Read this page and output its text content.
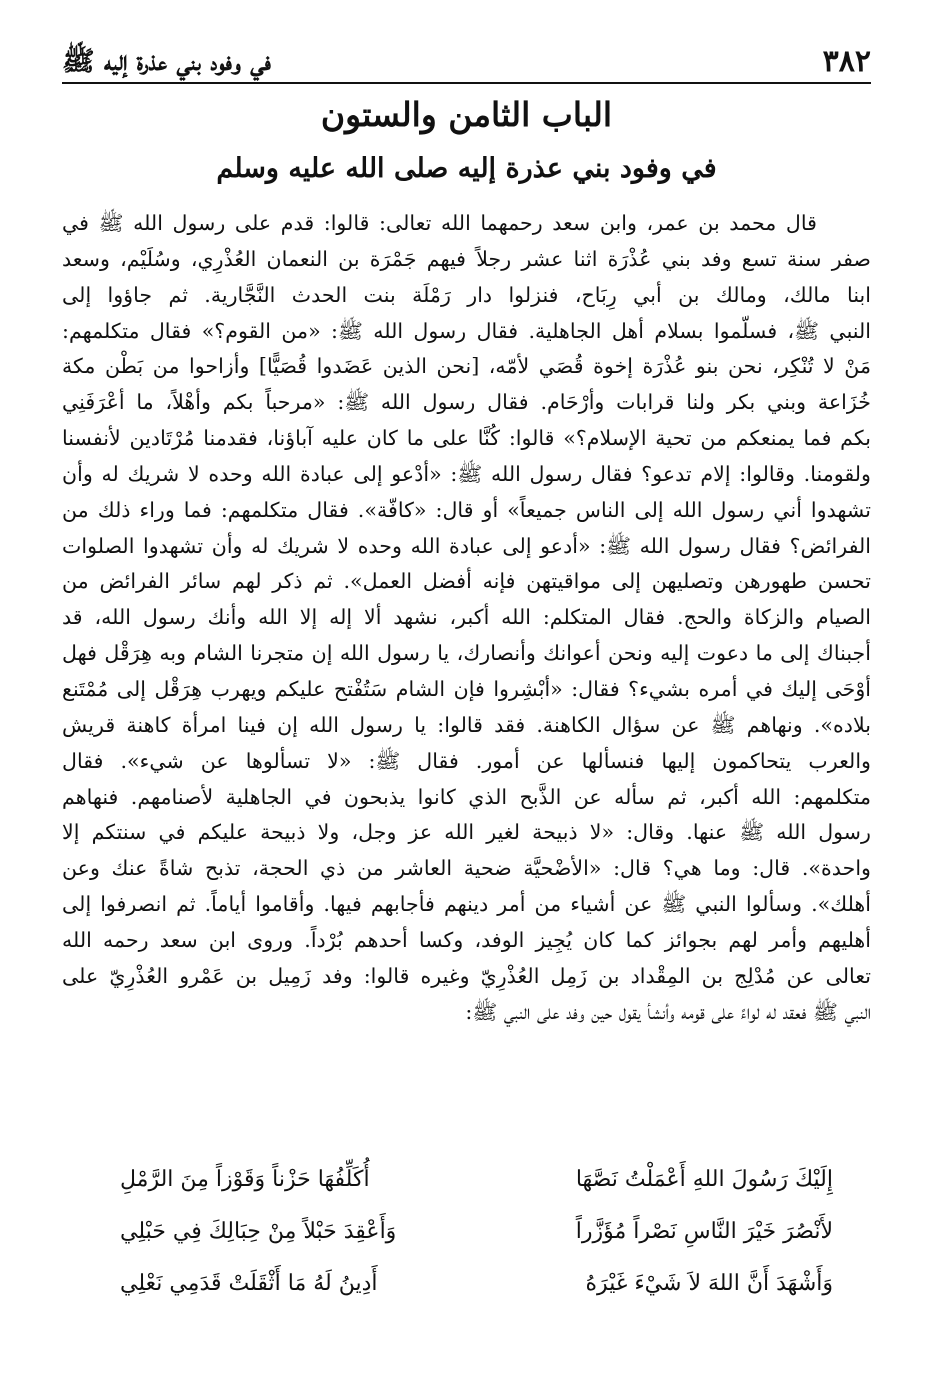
٣٨٢
في وفود بني عذرة إليه ﷺ
الباب الثامن والستون
في وفود بني عذرة إليه صلى الله عليه وسلم
قال محمد بن عمر، وابن سعد رحمهما الله تعالى: قالوا: قدم على رسول الله ﷺ في
صفر سنة تسع وفد بني عُذْرَة اثنا عشر رجلاً فيهم جَمْرَة بن النعمان العُذْرِي، وسُلَيْم، وسعد
ابنا مالك، ومالك بن أبي رِبَاح، فنزلوا دار رَمْلَة بنت الحدث النَّجَّارية. ثم جاؤوا إلى
النبي ﷺ، فسلّموا بسلام أهل الجاهلية. فقال رسول الله ﷺ: «من القوم؟» فقال متكلمهم:
مَنْ لا تُنْكِر، نحن بنو عُذْرَة إخوة قُصَي لأمّه، [نحن الذين عَضَدوا قُصَيًّا] وأزاحوا من بَطْن مكة
خُزَاعة وبني بكر ولنا قرابات وأرْحَام. فقال رسول الله ﷺ: «مرحباً بكم وأهْلاً، ما أعْرَفَنِي
بكم فما يمنعكم من تحية الإسلام؟» قالوا: كُنَّا على ما كان عليه آباؤنا، فقدمنا مُرْتَادين لأنفسنا
ولقومنا. وقالوا: إلام تدعو؟ فقال رسول الله ﷺ: «أدْعو إلى عبادة الله وحده لا شريك له وأن
تشهدوا أني رسول الله إلى الناس جميعاً» أو قال: «كافّة». فقال متكلمهم: فما وراء ذلك من
الفرائض؟ فقال رسول الله ﷺ: «أدعو إلى عبادة الله وحده لا شريك له وأن تشهدوا الصلوات
تحسن طهورهن وتصليهن إلى مواقيتهن فإنه أفضل العمل». ثم ذكر لهم سائر الفرائض من
الصيام والزكاة والحج. فقال المتكلم: الله أكبر، نشهد ألا إله إلا الله وأنك رسول الله، قد
أجبناك إلى ما دعوت إليه ونحن أعوانك وأنصارك، يا رسول الله إن متجرنا الشام وبه هِرَقْل فهل
أوْحَى إليك في أمره بشيء؟ فقال: «أبْشِروا فإن الشام سَتُفْتح عليكم ويهرب هِرَقْل إلى مُمْتَنع
بلاده». ونهاهم ﷺ عن سؤال الكاهنة. فقد قالوا: يا رسول الله إن فينا امرأة كاهنة قريش
والعرب يتحاكمون إليها فنسألها عن أمور. فقال ﷺ: «لا تسألوها عن شيء». فقال
متكلمهم: الله أكبر، ثم سأله عن الذَّبح الذي كانوا يذبحون في الجاهلية لأصنامهم. فنهاهم
رسول الله ﷺ عنها. وقال: «لا ذبيحة لغير الله عز وجل، ولا ذبيحة عليكم في سنتكم إلا
واحدة». قال: وما هي؟ قال: «الأضْحيَّة ضحية العاشر من ذي الحجة، تذبح شاةً عنك وعن
أهلك». وسألوا النبي ﷺ عن أشياء من أمر دينهم فأجابهم فيها. وأقاموا أياماً. ثم انصرفوا إلى
أهليهم وأمر لهم بجوائز كما كان يُجِيز الوفد، وكسا أحدهم بُرْداً. وروى ابن سعد رحمه الله
تعالى عن مُدْلِج بن المِقْداد بن زَمِل العُذْرِيّ وغيره قالوا: وفد زَمِيل بن عَمْرو العُذْرِيّ على
النبي ﷺ فعقد له لواءً على قومه وأنشأ يقول حين وفد على النبي ﷺ:
إِلَيْكَ رَسُولَ اللهِ أَعْمَلْتُ نَصَّهَا
أُكَلِّفُهَا حَزْناً وَقَوْزاً مِنَ الرَّمْلِ
لأَنْصُرَ خَيْرَ النَّاسِ نَصْراً مُؤَزَّراً
وَأَعْقِدَ حَبْلاً مِنْ حِبَالِكَ فِي حَبْلِي
وَأَشْهَدَ أَنَّ اللهَ لاَ شَيْءَ غَيْرَهُ
أَدِينُ لَهُ مَا أَثْقَلَتْ قَدَمِي نَعْلِي
